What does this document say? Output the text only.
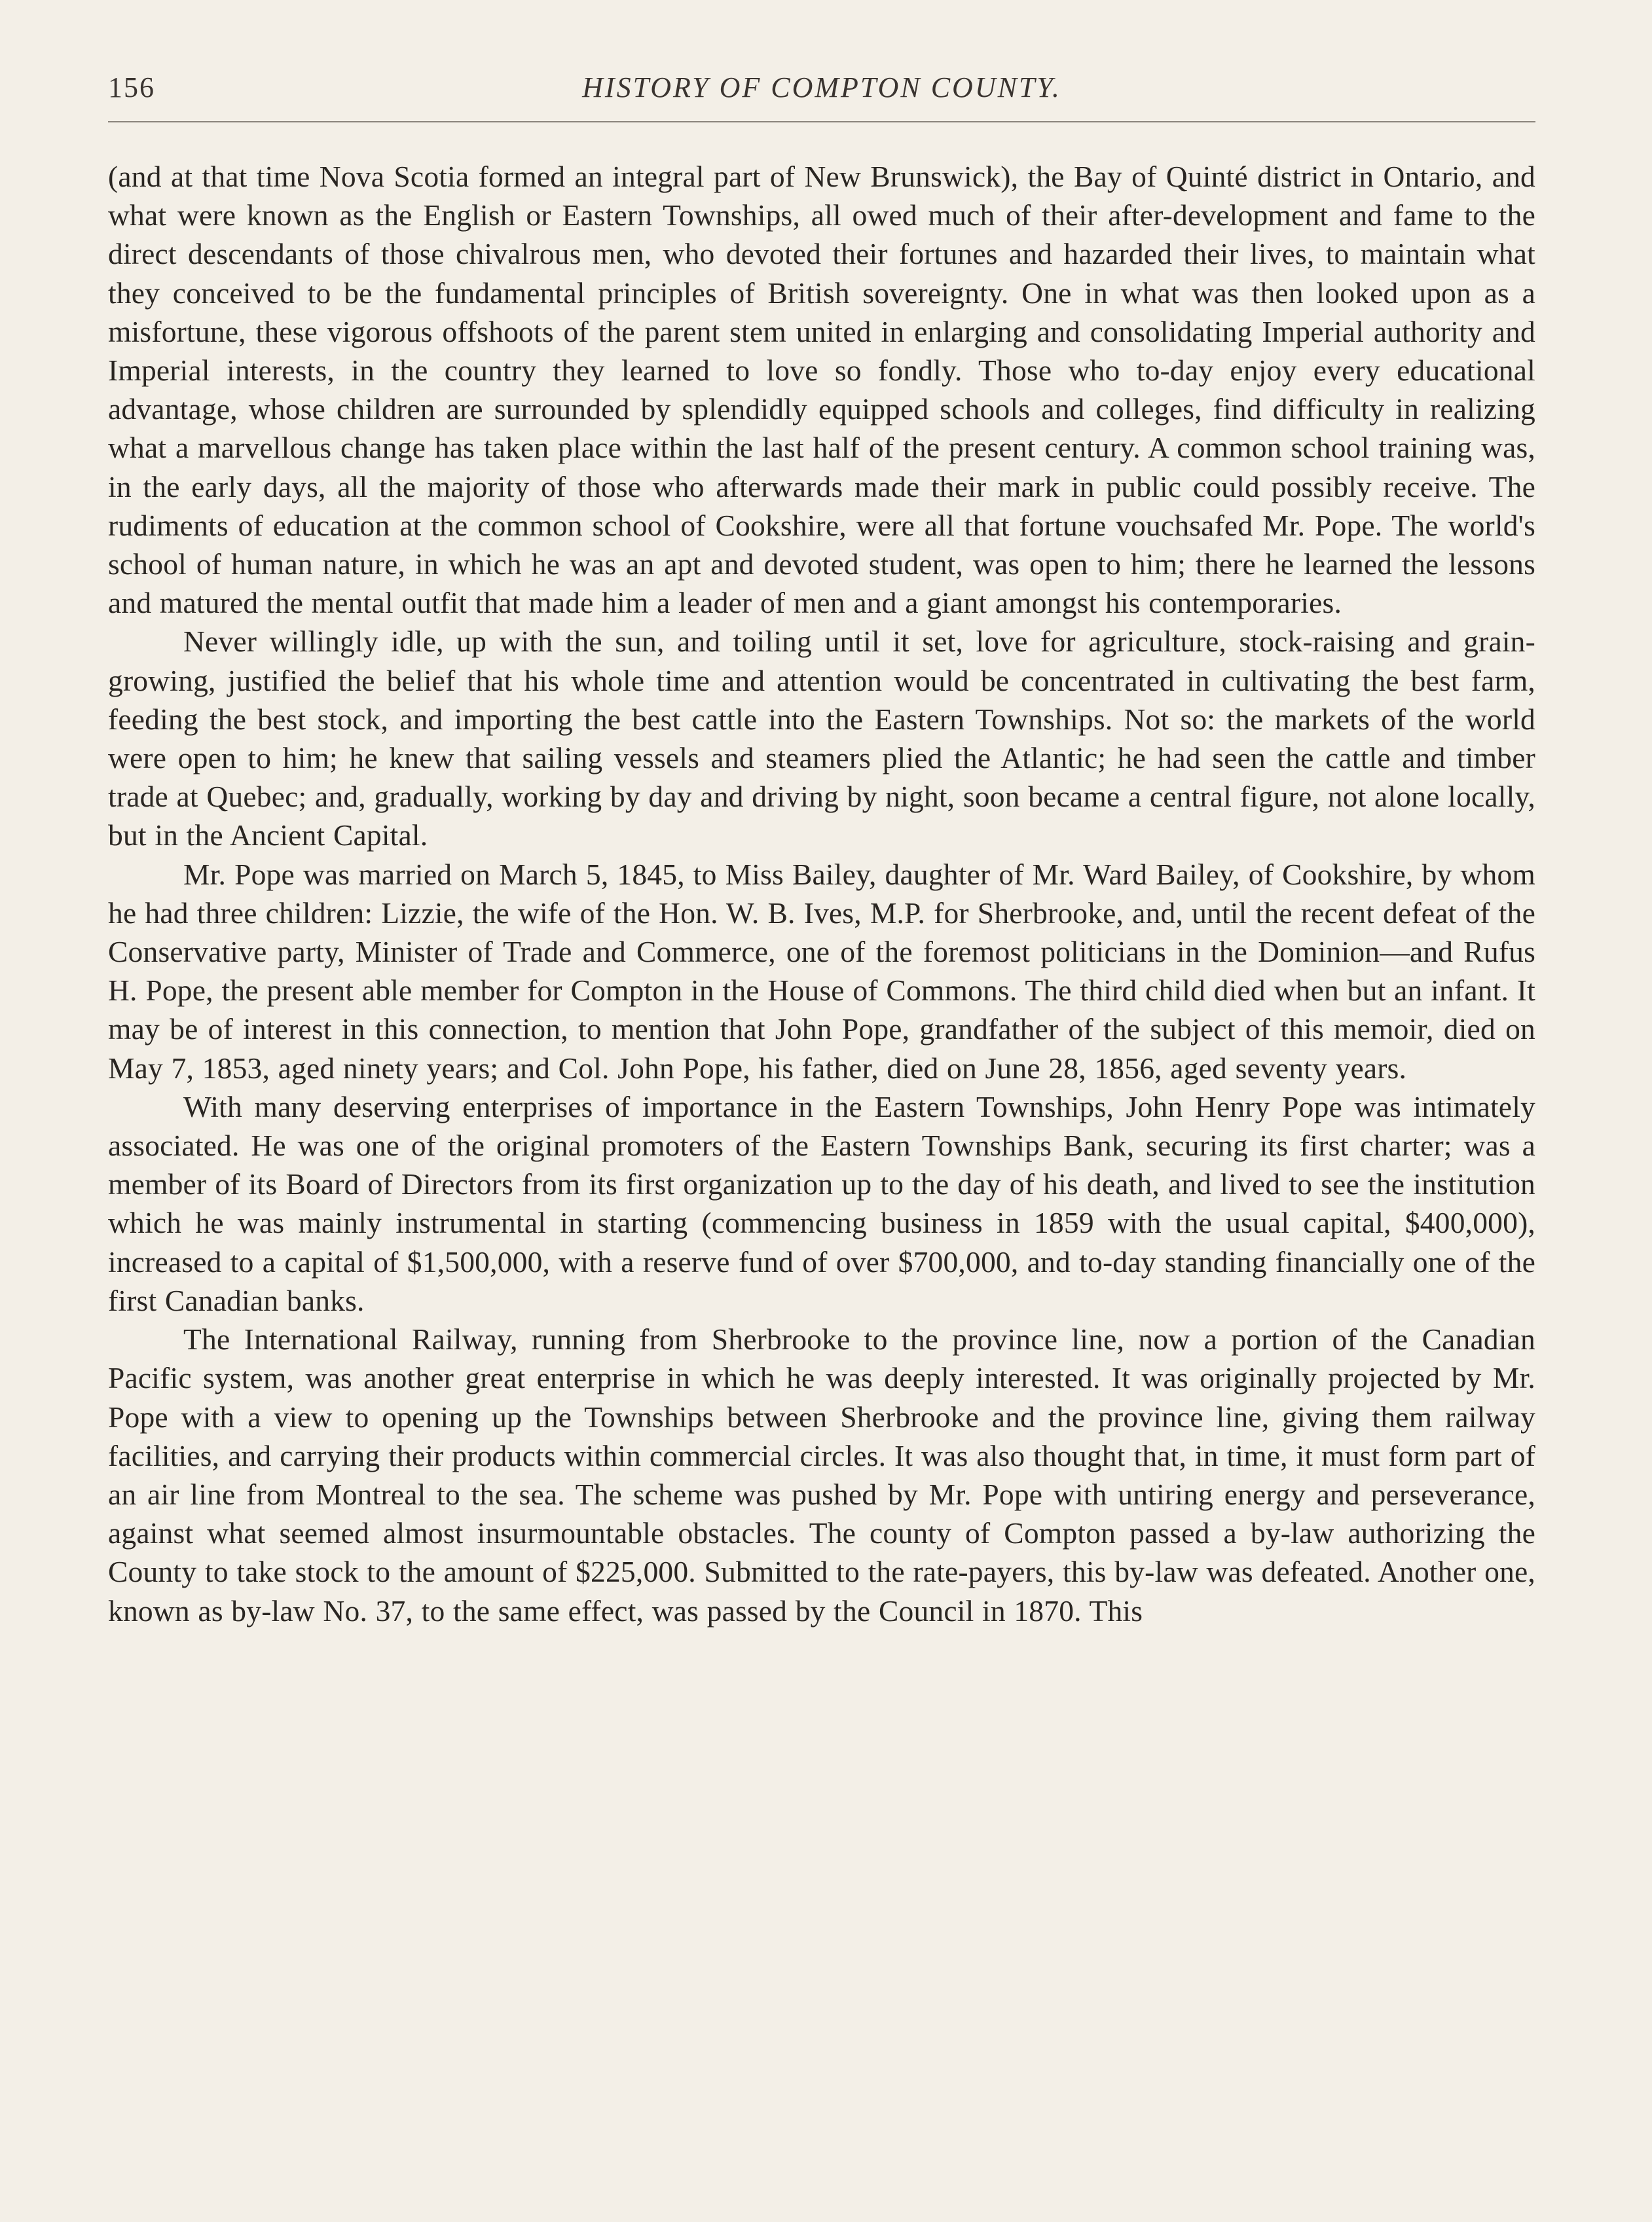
156	HISTORY OF COMPTON COUNTY.

(and at that time Nova Scotia formed an integral part of New Brunswick), the Bay of Quinté district in Ontario, and what were known as the English or Eastern Townships, all owed much of their after-development and fame to the direct descendants of those chivalrous men, who devoted their fortunes and hazarded their lives, to maintain what they conceived to be the fundamental principles of British sovereignty. One in what was then looked upon as a misfortune, these vigorous offshoots of the parent stem united in enlarging and consolidating Imperial authority and Imperial interests, in the country they learned to love so fondly. Those who to-day enjoy every educational advantage, whose children are surrounded by splendidly equipped schools and colleges, find difficulty in realizing what a marvellous change has taken place within the last half of the present century. A common school training was, in the early days, all the majority of those who afterwards made their mark in public could possibly receive. The rudiments of education at the common school of Cookshire, were all that fortune vouchsafed Mr. Pope. The world's school of human nature, in which he was an apt and devoted student, was open to him; there he learned the lessons and matured the mental outfit that made him a leader of men and a giant amongst his contemporaries.

Never willingly idle, up with the sun, and toiling until it set, love for agriculture, stock-raising and grain-growing, justified the belief that his whole time and attention would be concentrated in cultivating the best farm, feeding the best stock, and importing the best cattle into the Eastern Townships. Not so: the markets of the world were open to him; he knew that sailing vessels and steamers plied the Atlantic; he had seen the cattle and timber trade at Quebec; and, gradually, working by day and driving by night, soon became a central figure, not alone locally, but in the Ancient Capital.

Mr. Pope was married on March 5, 1845, to Miss Bailey, daughter of Mr. Ward Bailey, of Cookshire, by whom he had three children: Lizzie, the wife of the Hon. W. B. Ives, M.P. for Sherbrooke, and, until the recent defeat of the Conservative party, Minister of Trade and Commerce, one of the foremost politicians in the Dominion—and Rufus H. Pope, the present able member for Compton in the House of Commons. The third child died when but an infant. It may be of interest in this connection, to mention that John Pope, grandfather of the subject of this memoir, died on May 7, 1853, aged ninety years; and Col. John Pope, his father, died on June 28, 1856, aged seventy years.

With many deserving enterprises of importance in the Eastern Townships, John Henry Pope was intimately associated. He was one of the original promoters of the Eastern Townships Bank, securing its first charter; was a member of its Board of Directors from its first organization up to the day of his death, and lived to see the institution which he was mainly instrumental in starting (commencing business in 1859 with the usual capital, $400,000), increased to a capital of $1,500,000, with a reserve fund of over $700,000, and to-day standing financially one of the first Canadian banks.

The International Railway, running from Sherbrooke to the province line, now a portion of the Canadian Pacific system, was another great enterprise in which he was deeply interested. It was originally projected by Mr. Pope with a view to opening up the Townships between Sherbrooke and the province line, giving them railway facilities, and carrying their products within commercial circles. It was also thought that, in time, it must form part of an air line from Montreal to the sea. The scheme was pushed by Mr. Pope with untiring energy and perseverance, against what seemed almost insurmountable obstacles. The county of Compton passed a by-law authorizing the County to take stock to the amount of $225,000. Submitted to the rate-payers, this by-law was defeated. Another one, known as by-law No. 37, to the same effect, was passed by the Council in 1870. This
